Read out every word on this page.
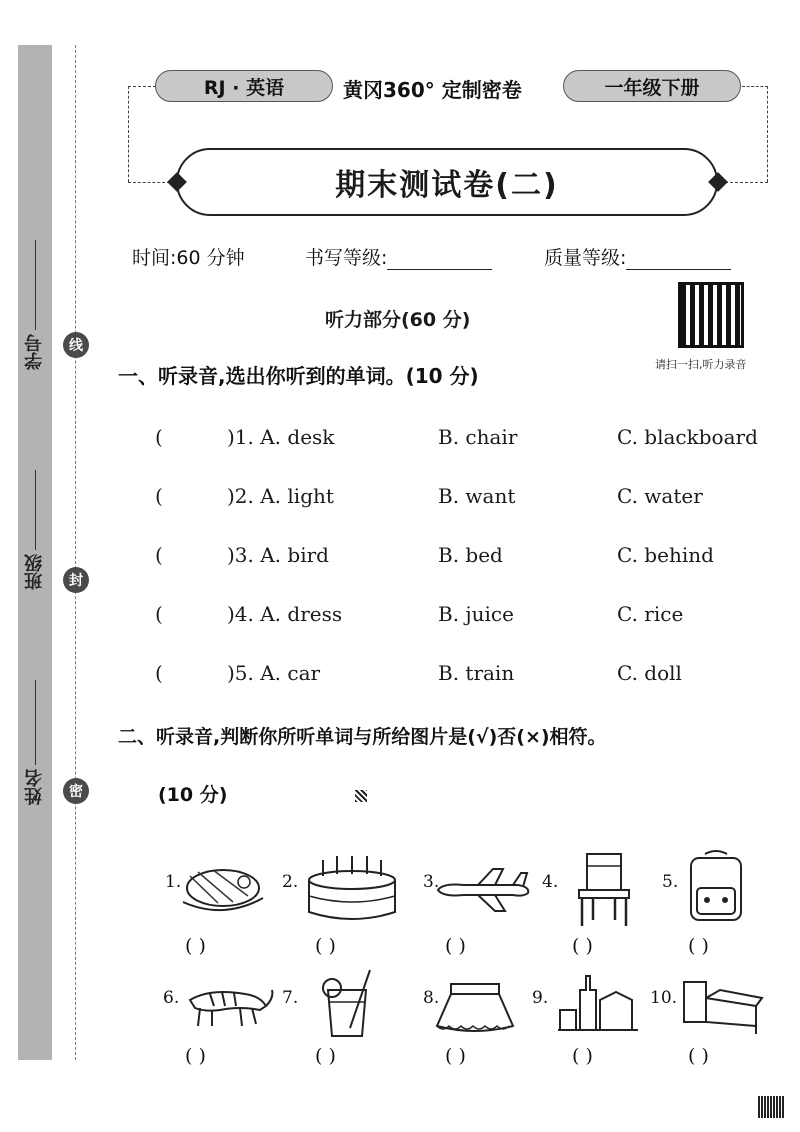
学号
班级
姓名
线
封
密
RJ · 英语	黄冈360° 定制密卷	一年级下册
期末测试卷(二)
时间:60 分钟	书写等级:	质量等级:
听力部分(60 分)
请扫一扫,听力录音
一、听录音,选出你听到的单词。(10 分)
(	)1. A. desk	B. chair	C. blackboard
(	)2. A. light	B. want	C. water
(	)3. A. bird	B. bed	C. behind
(	)4. A. dress	B. juice	C. rice
(	)5. A. car	B. train	C. doll
二、听录音,判断你所听单词与所给图片是(√)否(×)相符。
(10 分)
1.	2.	3.	4.	5.
( )	( )	( )	( )	( )
6.	7.	8.	9.	10.
( )	( )	( )	( )	( )
